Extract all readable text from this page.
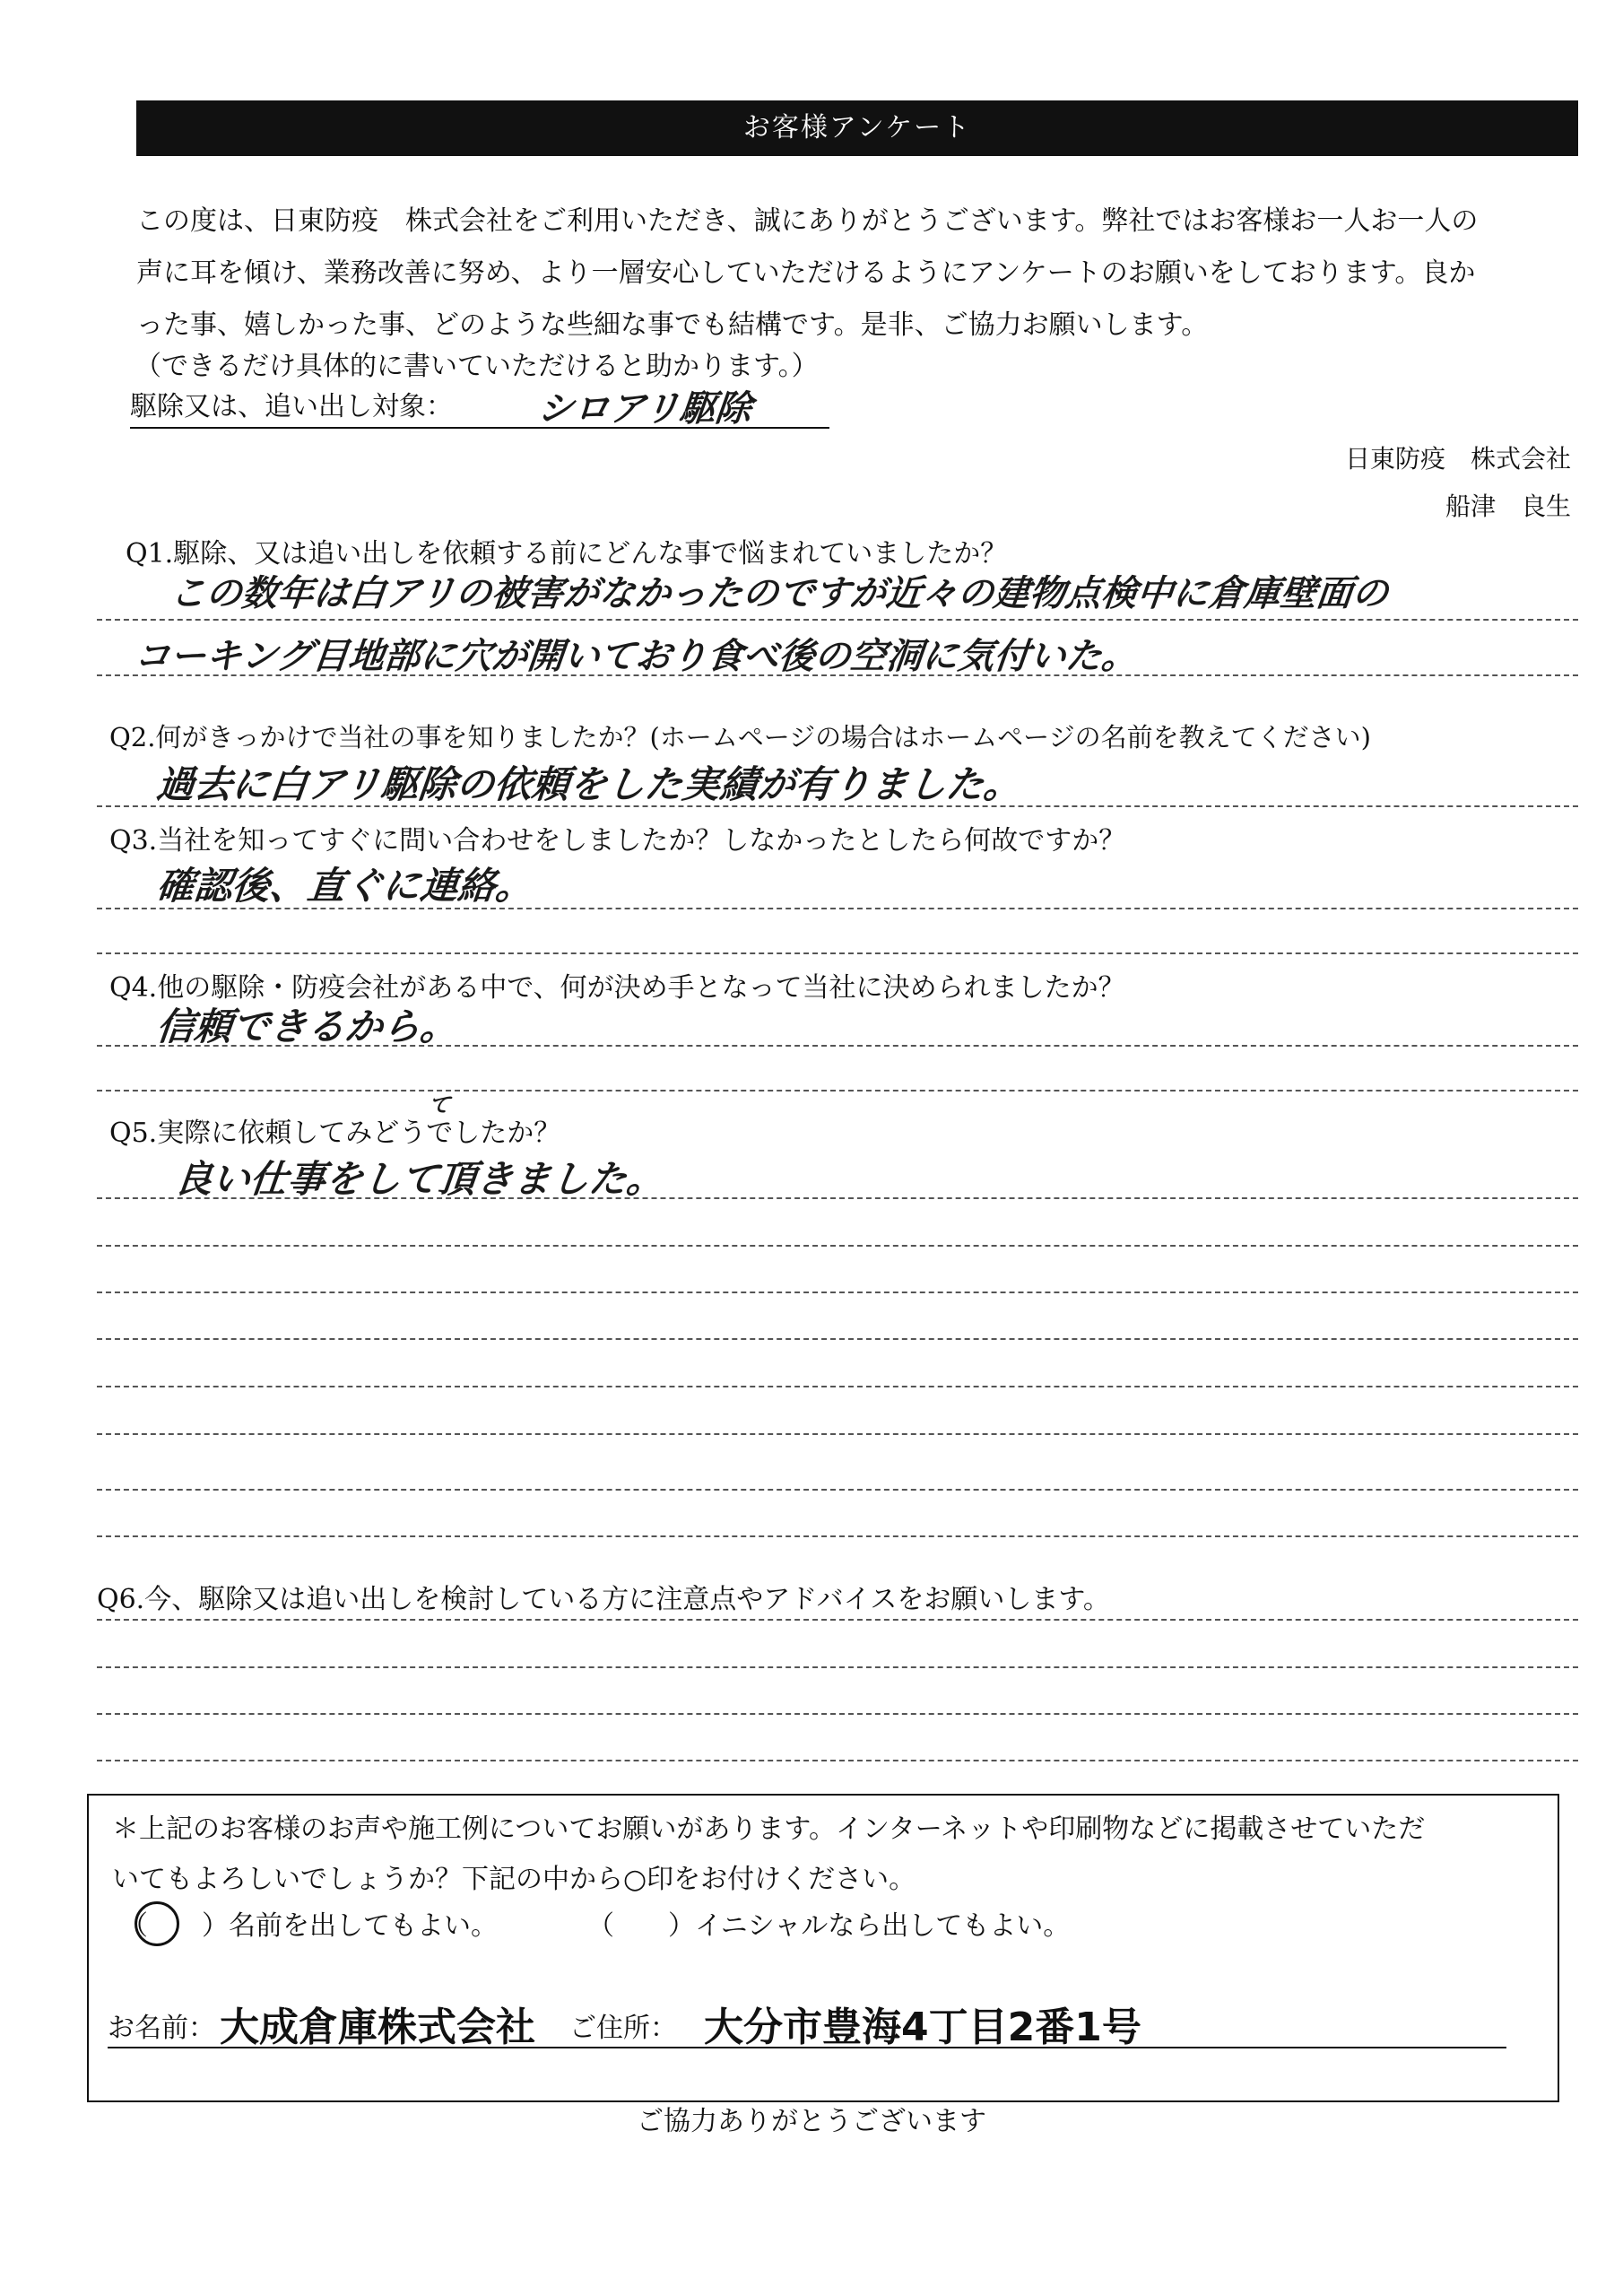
お客様アンケート
この度は、日東防疫　株式会社をご利用いただき、誠にありがとうございます。弊社ではお客様お一人お一人の
声に耳を傾け、業務改善に努め、より一層安心していただけるようにアンケートのお願いをしております。良か
った事、嬉しかった事、どのような些細な事でも結構です。是非、ご協力お願いします。
（できるだけ具体的に書いていただけると助かります。）
駆除又は、追い出し対象： シロアリ駆除
日東防疫　株式会社
船津　良生
Q1.駆除、又は追い出しを依頼する前にどんな事で悩まれていましたか？
この数年は白アリの被害がなかったのですが近々の建物点検中に倉庫壁面の
コーキング目地部に穴が開いており食べ後の空洞に気付いた。
Q2.何がきっかけで当社の事を知りましたか？(ホームページの場合はホームページの名前を教えてください)
過去に白アリ駆除の依頼をした実績が有りました。
Q3.当社を知ってすぐに問い合わせをしましたか？しなかったとしたら何故ですか？
確認後、直ぐに連絡。
Q4.他の駆除・防疫会社がある中で、何が決め手となって当社に決められましたか？
信頼できるから。
Q5.実際に依頼してみどうでしたか？
て
良い仕事をして頂きました。
Q6.今、駆除又は追い出しを検討している方に注意点やアドバイスをお願いします。
＊上記のお客様のお声や施工例についてお願いがあります。インターネットや印刷物などに掲載させていただ
いてもよろしいでしょうか？下記の中から○印をお付けください。
（　　）名前を出してもよい。	（　　）イニシャルなら出してもよい。
お名前： 大成倉庫株式会社 ご住所： 大分市豊海4丁目2番1号
ご協力ありがとうございます
